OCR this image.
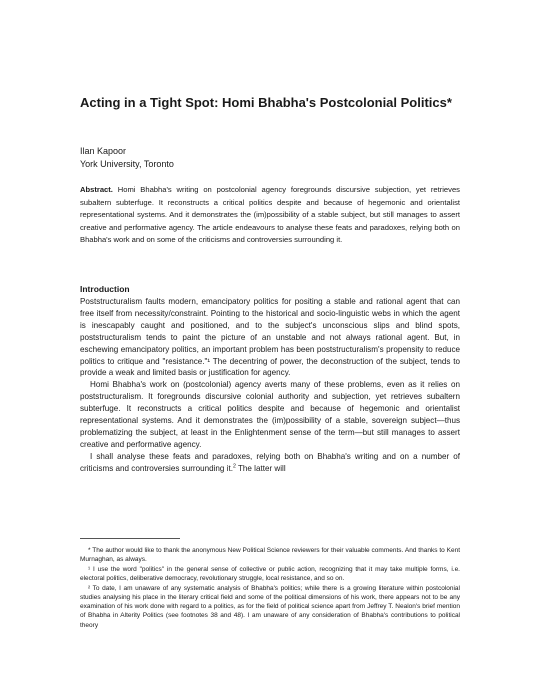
Acting in a Tight Spot: Homi Bhabha's Postcolonial Politics*
Ilan Kapoor
York University, Toronto
Abstract. Homi Bhabha's writing on postcolonial agency foregrounds discursive subjection, yet retrieves subaltern subterfuge. It reconstructs a critical politics despite and because of hegemonic and orientalist representational systems. And it demonstrates the (im)possibility of a stable subject, but still manages to assert creative and performative agency. The article endeavours to analyse these feats and paradoxes, relying both on Bhabha's work and on some of the criticisms and controversies surrounding it.
Introduction

Poststructuralism faults modern, emancipatory politics for positing a stable and rational agent that can free itself from necessity/constraint. Pointing to the historical and socio-linguistic webs in which the agent is inescapably caught and positioned, and to the subject's unconscious slips and blind spots, poststructuralism tends to paint the picture of an unstable and not always rational agent. But, in eschewing emancipatory politics, an important problem has been poststructuralism's propensity to reduce politics to critique and "resistance."¹ The decentring of power, the deconstruction of the subject, tends to provide a weak and limited basis or justification for agency.

Homi Bhabha's work on (postcolonial) agency averts many of these problems, even as it relies on poststructuralism. It foregrounds discursive colonial authority and subjection, yet retrieves subaltern subterfuge. It reconstructs a critical politics despite and because of hegemonic and orientalist representational systems. And it demonstrates the (im)possibility of a stable, sovereign subject—thus problematizing the subject, at least in the Enlightenment sense of the term—but still manages to assert creative and performative agency.

I shall analyse these feats and paradoxes, relying both on Bhabha's writing and on a number of criticisms and controversies surrounding it.$^2$ The latter will

* The author would like to thank the anonymous New Political Science reviewers for their valuable comments. And thanks to Kent Murnaghan, as always.

¹ I use the word "politics" in the general sense of collective or public action, recognizing that it may take multiple forms, i.e. electoral politics, deliberative democracy, revolutionary struggle, local resistance, and so on.

² To date, I am unaware of any systematic analysis of Bhabha's politics; while there is a growing literature within postcolonial studies analysing his place in the literary critical field and some of the political dimensions of his work, there appears not to be any examination of his work done with regard to a politics, as for the field of political science apart from Jeffrey T. Nealon's brief mention of Bhabha in Alterity Politics (see footnotes 38 and 48). I am unaware of any consideration of Bhabha's contributions to political theory
